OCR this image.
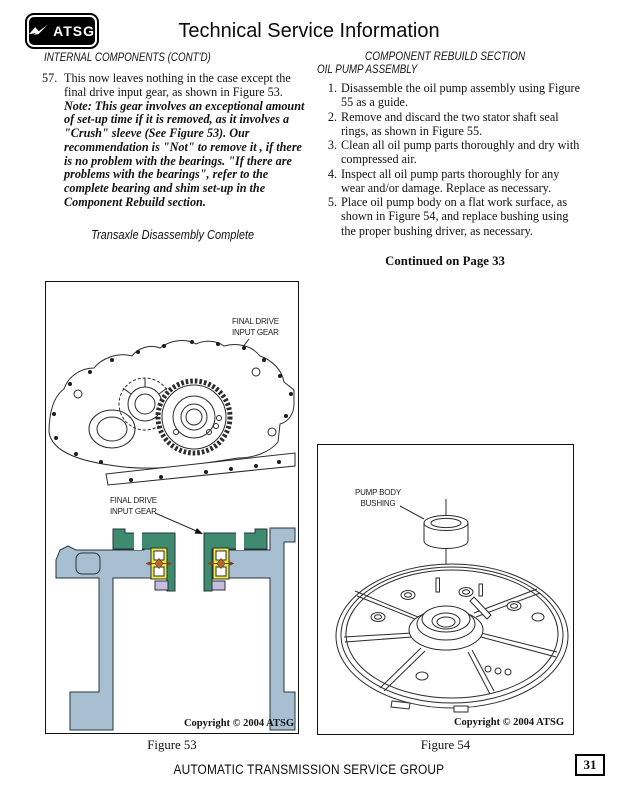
ATSG	Technical Service Information
INTERNAL COMPONENTS (CONT'D)
57. This now leaves nothing in the case except the final drive input gear, as shown in Figure 53. Note: This gear involves an exceptional amount of set-up time if it is removed, as it involves a "Crush" sleeve (See Figure 53). Our recommendation is "Not" to remove it , if there is no problem with the bearings. "If there are problems with the bearings", refer to the complete bearing and shim set-up in the Component Rebuild section.
Transaxle Disassembly Complete
COMPONENT REBUILD SECTION
OIL PUMP ASSEMBLY
1. Disassemble the oil pump assembly using Figure 55 as a guide.
2. Remove and discard the two stator shaft seal rings, as shown in Figure 55.
3. Clean all oil pump parts thoroughly and dry with compressed air.
4. Inspect all oil pump parts thoroughly for any wear and/or damage. Replace as necessary.
5. Place oil pump body on a flat work surface, as shown in Figure 54, and replace bushing using the proper bushing driver, as necessary.
Continued on Page 33
FINAL DRIVE
INPUT GEAR
FINAL DRIVE
INPUT GEAR
Copyright © 2004 ATSG
Figure 53
PUMP BODY
BUSHING
Copyright © 2004 ATSG
Figure 54
AUTOMATIC TRANSMISSION SERVICE GROUP	31
